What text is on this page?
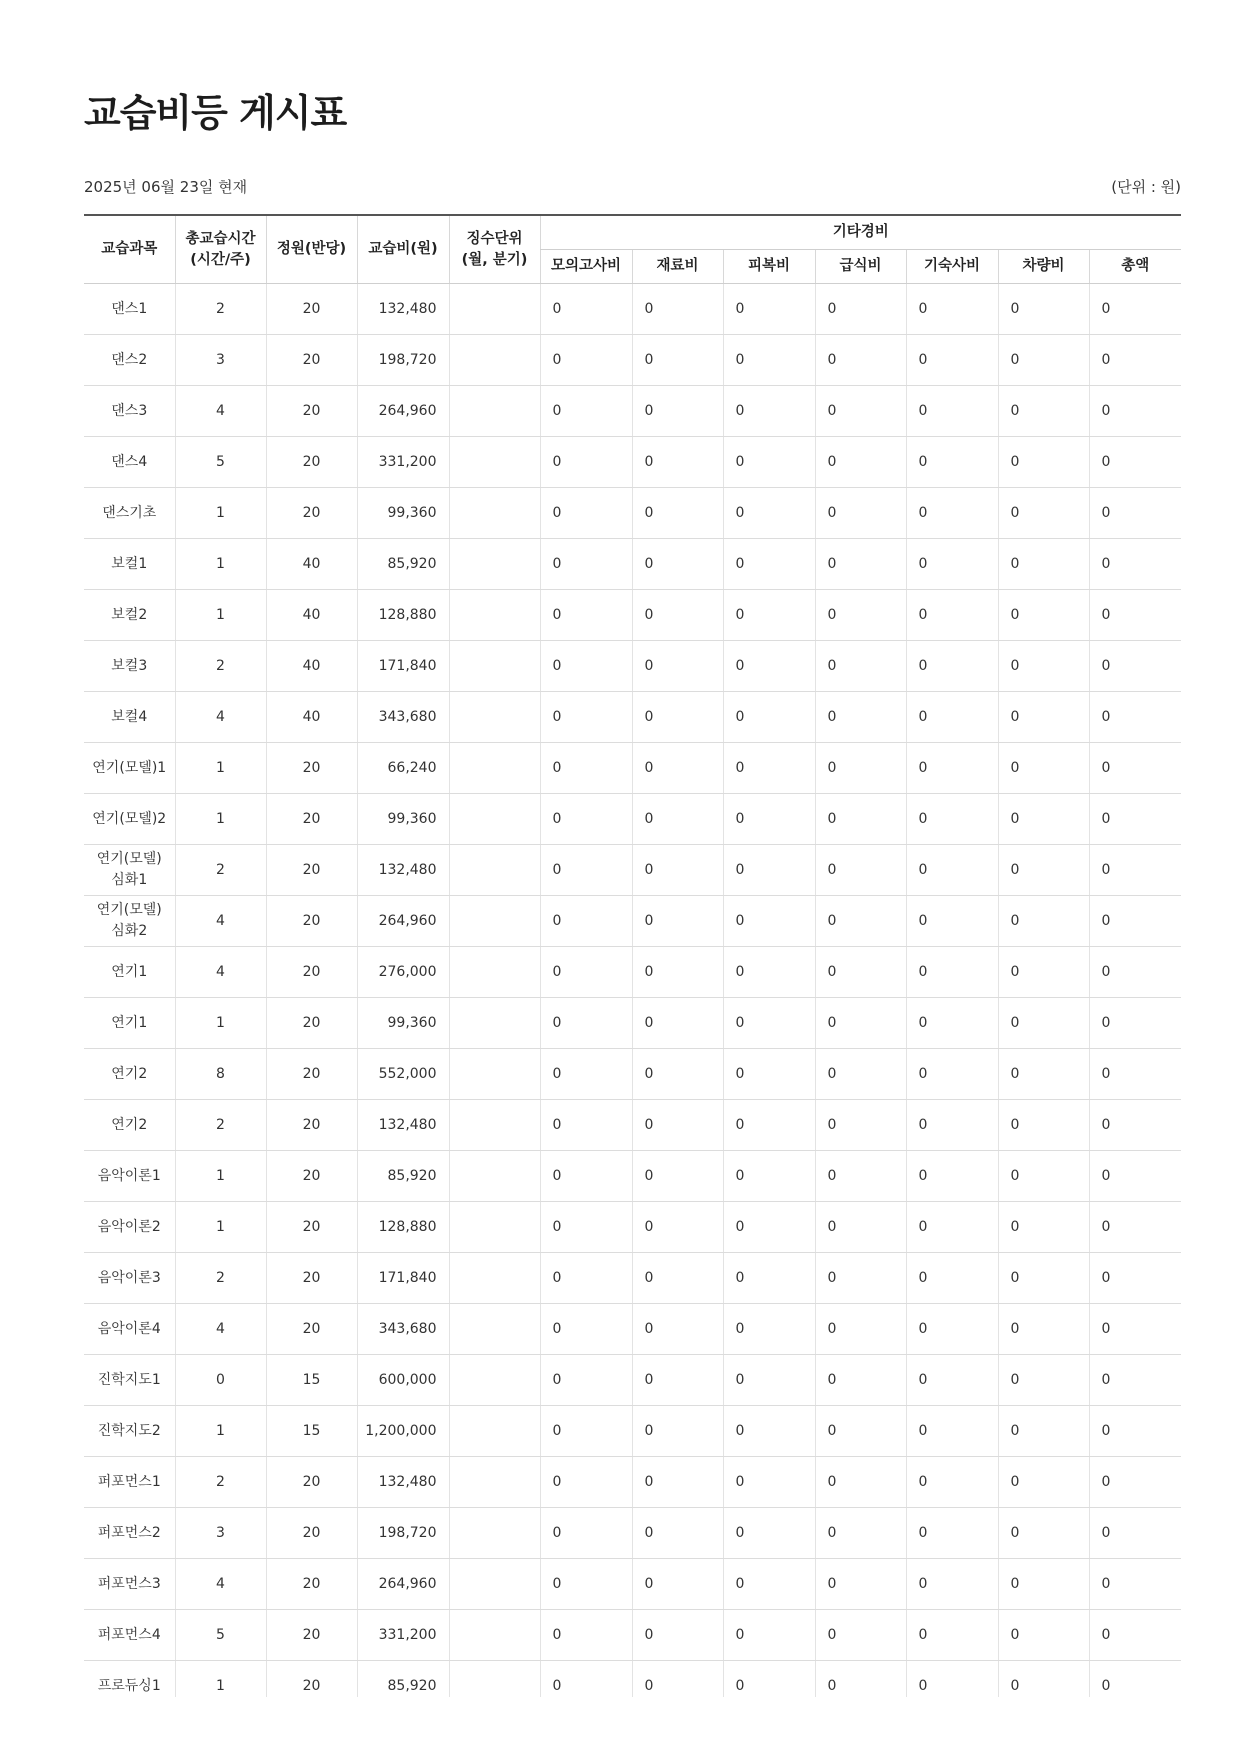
교습비등 게시표
2025년 06월 23일 현재	(단위 : 원)
교습과목	총교습시간 (시간/주)	정원(반당)	교습비(원)	징수단위 (월, 분기)	기타경비						
					모의고사비	재료비	피복비	급식비	기숙사비	차량비	총액
댄스1	2	20	132,480		0	0	0	0	0	0	0
댄스2	3	20	198,720		0	0	0	0	0	0	0
댄스3	4	20	264,960		0	0	0	0	0	0	0
댄스4	5	20	331,200		0	0	0	0	0	0	0
댄스기초	1	20	99,360		0	0	0	0	0	0	0
보컬1	1	40	85,920		0	0	0	0	0	0	0
보컬2	1	40	128,880		0	0	0	0	0	0	0
보컬3	2	40	171,840		0	0	0	0	0	0	0
보컬4	4	40	343,680		0	0	0	0	0	0	0
연기(모델)1	1	20	66,240		0	0	0	0	0	0	0
연기(모델)2	1	20	99,360		0	0	0	0	0	0	0
연기(모델)심화1	2	20	132,480		0	0	0	0	0	0	0
연기(모델)심화2	4	20	264,960		0	0	0	0	0	0	0
연기1	4	20	276,000		0	0	0	0	0	0	0
연기1	1	20	99,360		0	0	0	0	0	0	0
연기2	8	20	552,000		0	0	0	0	0	0	0
연기2	2	20	132,480		0	0	0	0	0	0	0
음악이론1	1	20	85,920		0	0	0	0	0	0	0
음악이론2	1	20	128,880		0	0	0	0	0	0	0
음악이론3	2	20	171,840		0	0	0	0	0	0	0
음악이론4	4	20	343,680		0	0	0	0	0	0	0
진학지도1	0	15	600,000		0	0	0	0	0	0	0
진학지도2	1	15	1,200,000		0	0	0	0	0	0	0
퍼포먼스1	2	20	132,480		0	0	0	0	0	0	0
퍼포먼스2	3	20	198,720		0	0	0	0	0	0	0
퍼포먼스3	4	20	264,960		0	0	0	0	0	0	0
퍼포먼스4	5	20	331,200		0	0	0	0	0	0	0
프로듀싱1	1	20	85,920		0	0	0	0	0	0	0
